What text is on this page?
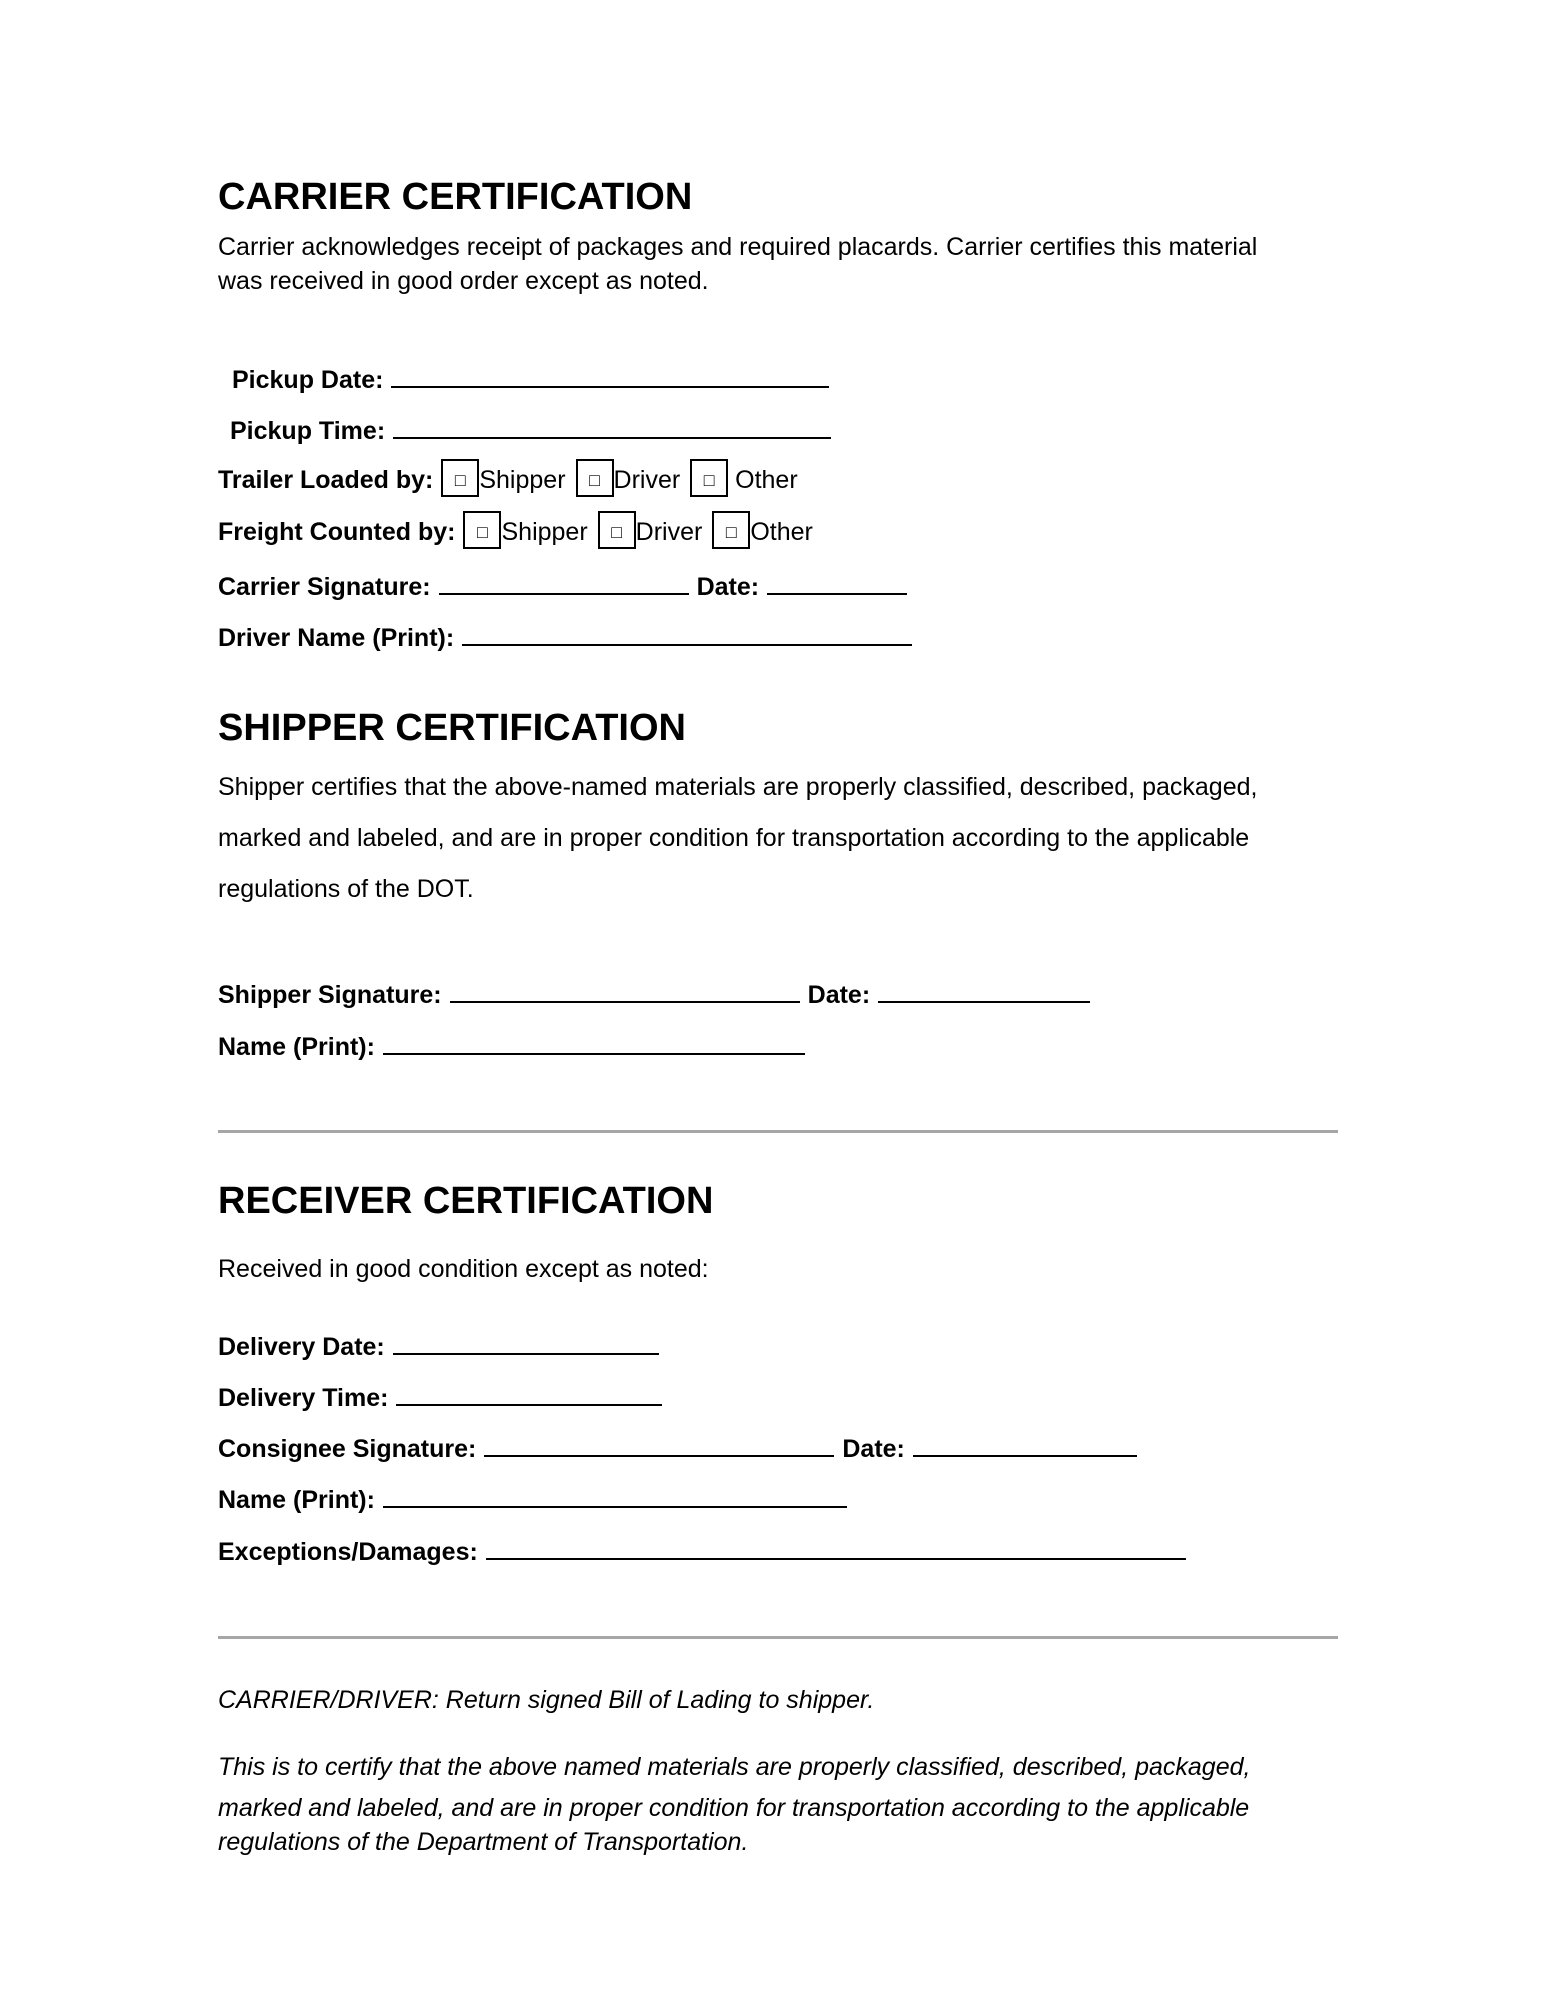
CARRIER CERTIFICATION
Carrier acknowledges receipt of packages and required placards. Carrier certifies this material
was received in good order except as noted.
Pickup Date:
Pickup Time:
Trailer Loaded by: □ Shipper □ Driver □ Other
Freight Counted by: □ Shipper □ Driver □ Other
Carrier Signature:	Date:
Driver Name (Print):
SHIPPER CERTIFICATION
Shipper certifies that the above-named materials are properly classified, described, packaged,
marked and labeled, and are in proper condition for transportation according to the applicable
regulations of the DOT.
Shipper Signature:	Date:
Name (Print):
RECEIVER CERTIFICATION
Received in good condition except as noted:
Delivery Date:
Delivery Time:
Consignee Signature:	Date:
Name (Print):
Exceptions/Damages:
CARRIER/DRIVER: Return signed Bill of Lading to shipper.
This is to certify that the above named materials are properly classified, described, packaged,
marked and labeled, and are in proper condition for transportation according to the applicable
regulations of the Department of Transportation.
